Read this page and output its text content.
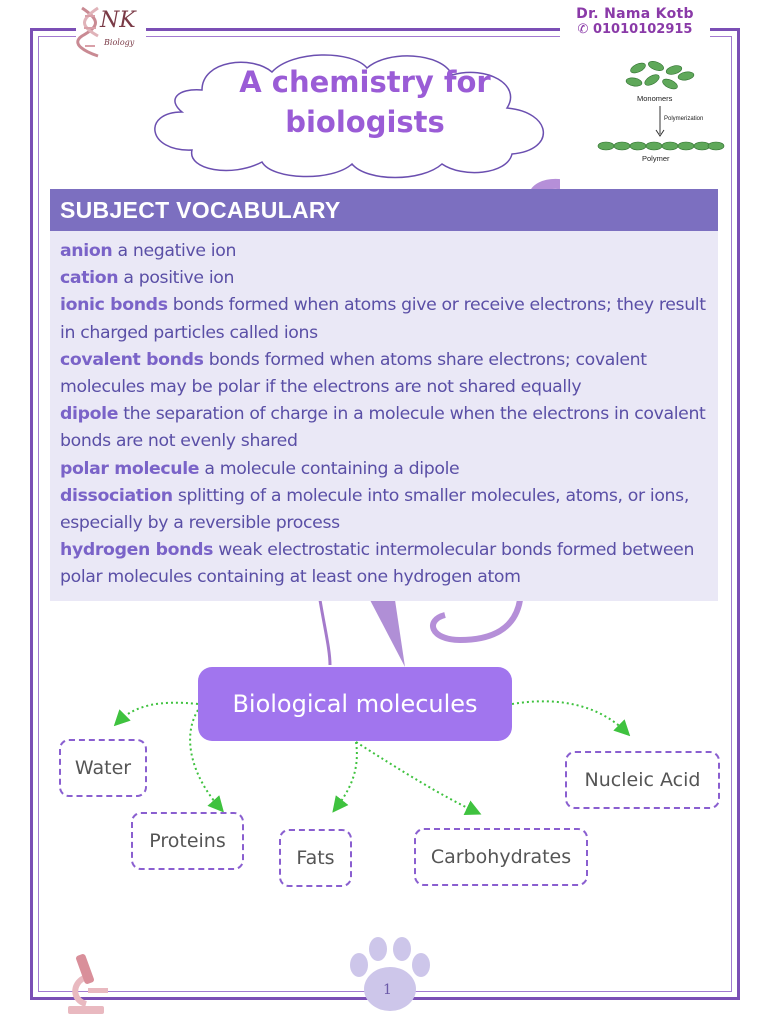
NK
Biology
Dr. Nama Kotb
✆ 01010102915
A chemistry for
biologists
Monomers
Polymerization
Polymer
SUBJECT VOCABULARY

anion a negative ion

cation a positive ion

ionic bonds bonds formed when atoms give or receive electrons; they result in charged particles called ions

covalent bonds bonds formed when atoms share electrons; covalent molecules may be polar if the electrons are not shared equally

dipole the separation of charge in a molecule when the electrons in covalent bonds are not evenly shared

polar molecule a molecule containing a dipole

dissociation splitting of a molecule into smaller molecules, atoms, or ions, especially by a reversible process

hydrogen bonds weak electrostatic intermolecular bonds formed between polar molecules containing at least one hydrogen atom

Biological molecules
Water
Proteins
Fats	Carbohydrates
Nucleic Acid
1
